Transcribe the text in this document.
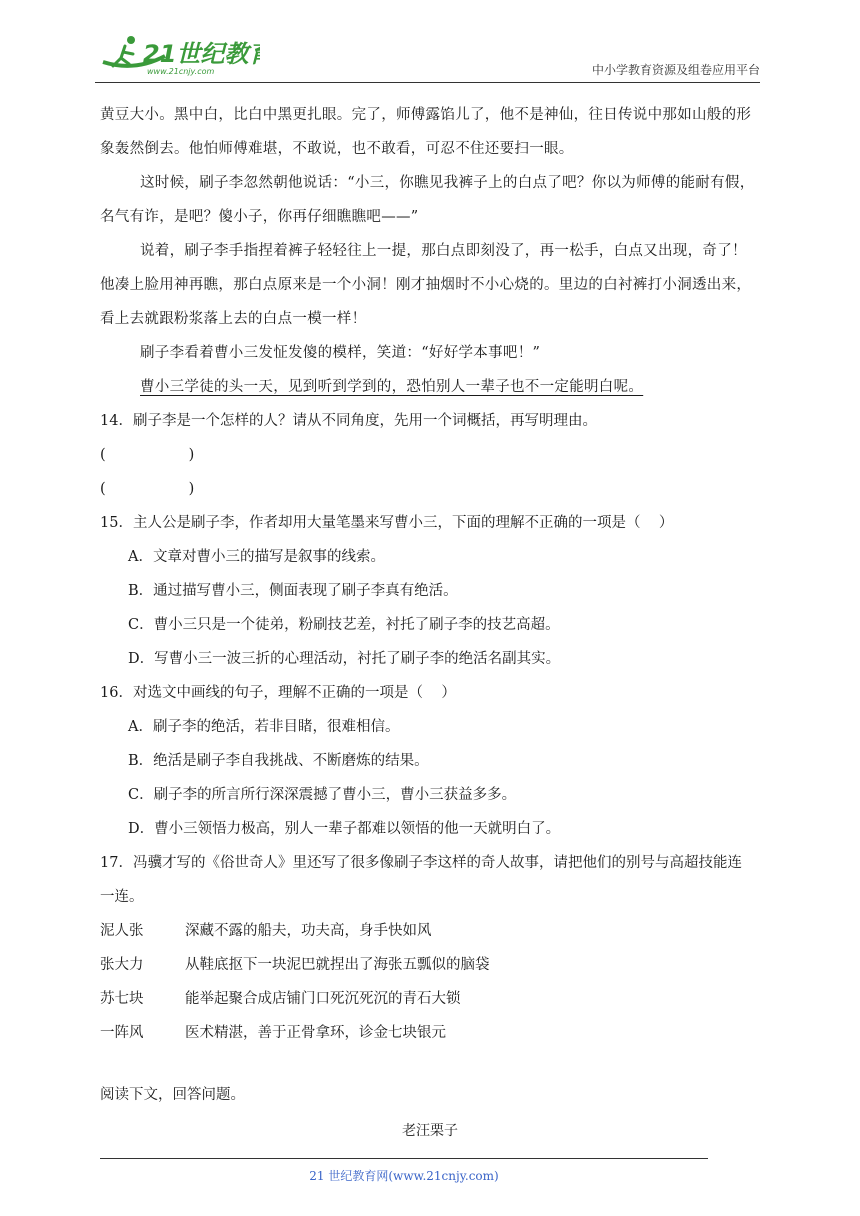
21世纪教育
www.21cnjy.com	中小学教育资源及组卷应用平台
黄豆大小。黑中白，比白中黑更扎眼。完了，师傅露馅儿了，他不是神仙，往日传说中那如山般的形
象轰然倒去。他怕师傅难堪，不敢说，也不敢看，可忍不住还要扫一眼。
这时候，刷子李忽然朝他说话：“小三，你瞧见我裤子上的白点了吧？你以为师傅的能耐有假，
名气有诈，是吧？傻小子，你再仔细瞧瞧吧——”
说着，刷子李手指捏着裤子轻轻往上一提，那白点即刻没了，再一松手，白点又出现，奇了！
他凑上脸用神再瞧，那白点原来是一个小洞！刚才抽烟时不小心烧的。里边的白衬裤打小洞透出来，
看上去就跟粉浆落上去的白点一模一样！
刷子李看着曹小三发怔发傻的模样，笑道：“好好学本事吧！”
曹小三学徒的头一天，见到听到学到的，恐怕别人一辈子也不一定能明白呢。
14．刷子李是一个怎样的人？请从不同角度，先用一个词概括，再写明理由。
(                  )
(                  )
15．主人公是刷子李，作者却用大量笔墨来写曹小三，下面的理解不正确的一项是（    ）
A．文章对曹小三的描写是叙事的线索。
B．通过描写曹小三，侧面表现了刷子李真有绝活。
C．曹小三只是一个徒弟，粉刷技艺差，衬托了刷子李的技艺高超。
D．写曹小三一波三折的心理活动，衬托了刷子李的绝活名副其实。
16．对选文中画线的句子，理解不正确的一项是（    ）
A．刷子李的绝活，若非目睹，很难相信。
B．绝活是刷子李自我挑战、不断磨炼的结果。
C．刷子李的所言所行深深震撼了曹小三，曹小三获益多多。
D．曹小三领悟力极高，别人一辈子都难以领悟的他一天就明白了。
17．冯骥才写的《俗世奇人》里还写了很多像刷子李这样的奇人故事，请把他们的别号与高超技能连
一连。
泥人张	深藏不露的船夫，功夫高，身手快如风
张大力	从鞋底抠下一块泥巴就捏出了海张五瓢似的脑袋
苏七块	能举起聚合成店铺门口死沉死沉的青石大锁
一阵风	医术精湛，善于正骨拿环，诊金七块银元
阅读下文，回答问题。
老汪栗子
21 世纪教育网(www.21cnjy.com)
